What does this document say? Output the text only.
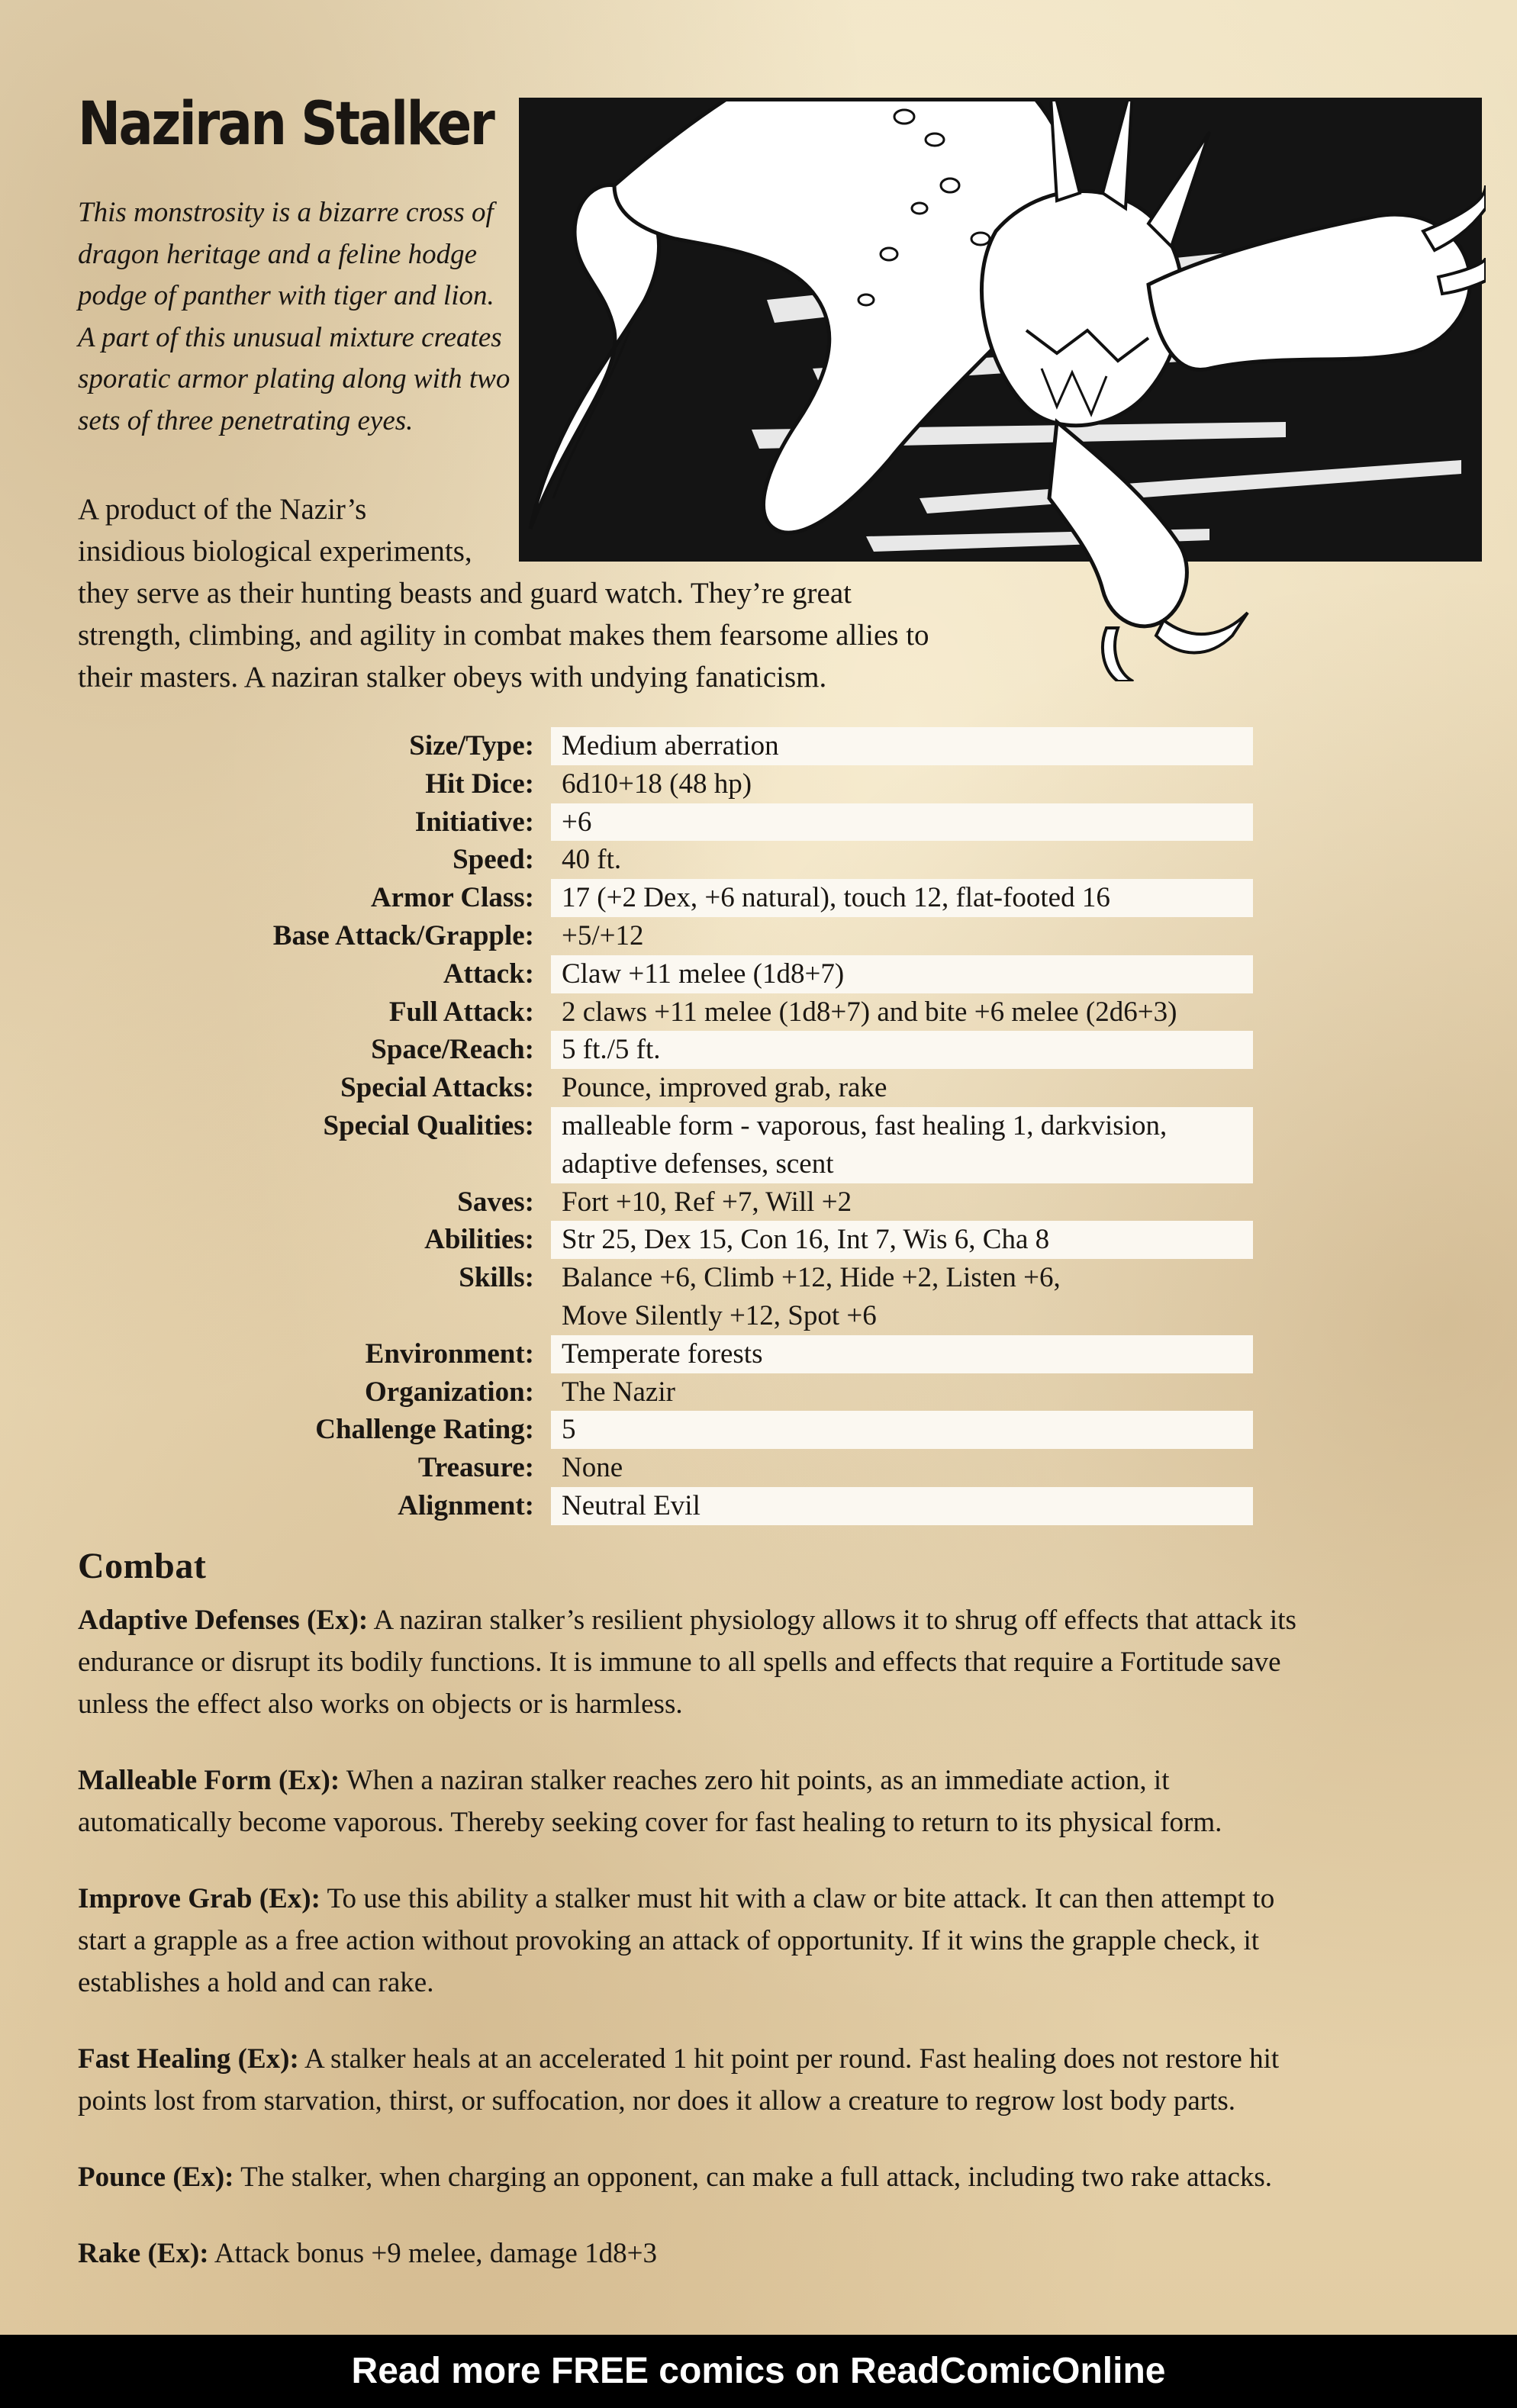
Naziran Stalker

This monstrosity is a bizarre cross of

dragon heritage and a feline hodge

podge of panther with tiger and lion.

A part of this unusual mixture creates

sporatic armor plating along with two

sets of three penetrating eyes.

A product of the Nazir’s

insidious biological experiments,

they serve as their hunting beasts and guard watch. They’re great

strength, climbing, and agility in combat makes them fearsome allies to

their masters. A naziran stalker obeys with undying fanaticism.

Size/Type: Medium aberration
Hit Dice: 6d10+18 (48 hp)
Initiative: +6
Speed: 40 ft.
Armor Class: 17 (+2 Dex, +6 natural), touch 12, flat-footed 16
Base Attack/Grapple: +5/+12
Attack: Claw +11 melee (1d8+7)
Full Attack: 2 claws +11 melee (1d8+7) and bite +6 melee (2d6+3)
Space/Reach: 5 ft./5 ft.
Special Attacks: Pounce, improved grab, rake
Special Qualities: malleable form - vaporous, fast healing 1, darkvision,
adaptive defenses, scent
Saves: Fort +10, Ref +7, Will +2
Abilities: Str 25, Dex 15, Con 16, Int 7, Wis 6, Cha 8
Skills: Balance +6, Climb +12, Hide +2, Listen +6,
Move Silently +12, Spot +6
Environment: Temperate forests
Organization: The Nazir
Challenge Rating: 5
Treasure: None
Alignment: Neutral Evil
Combat

Adaptive Defenses (Ex): A naziran stalker’s resilient physiology allows it to shrug off effects that attack its
endurance or disrupt its bodily functions. It is immune to all spells and effects that require a Fortitude save
unless the effect also works on objects or is harmless.

Malleable Form (Ex): When a naziran stalker reaches zero hit points, as an immediate action, it
automatically become vaporous. Thereby seeking cover for fast healing to return to its physical form.

Improve Grab (Ex): To use this ability a stalker must hit with a claw or bite attack. It can then attempt to
start a grapple as a free action without provoking an attack of opportunity. If it wins the grapple check, it
establishes a hold and can rake.

Fast Healing (Ex): A stalker heals at an accelerated 1 hit point per round. Fast healing does not restore hit
points lost from starvation, thirst, or suffocation, nor does it allow a creature to regrow lost body parts.

Pounce (Ex): The stalker, when charging an opponent, can make a full attack, including two rake attacks.

Rake (Ex): Attack bonus +9 melee, damage 1d8+3

Read more FREE comics on ReadComicOnline
